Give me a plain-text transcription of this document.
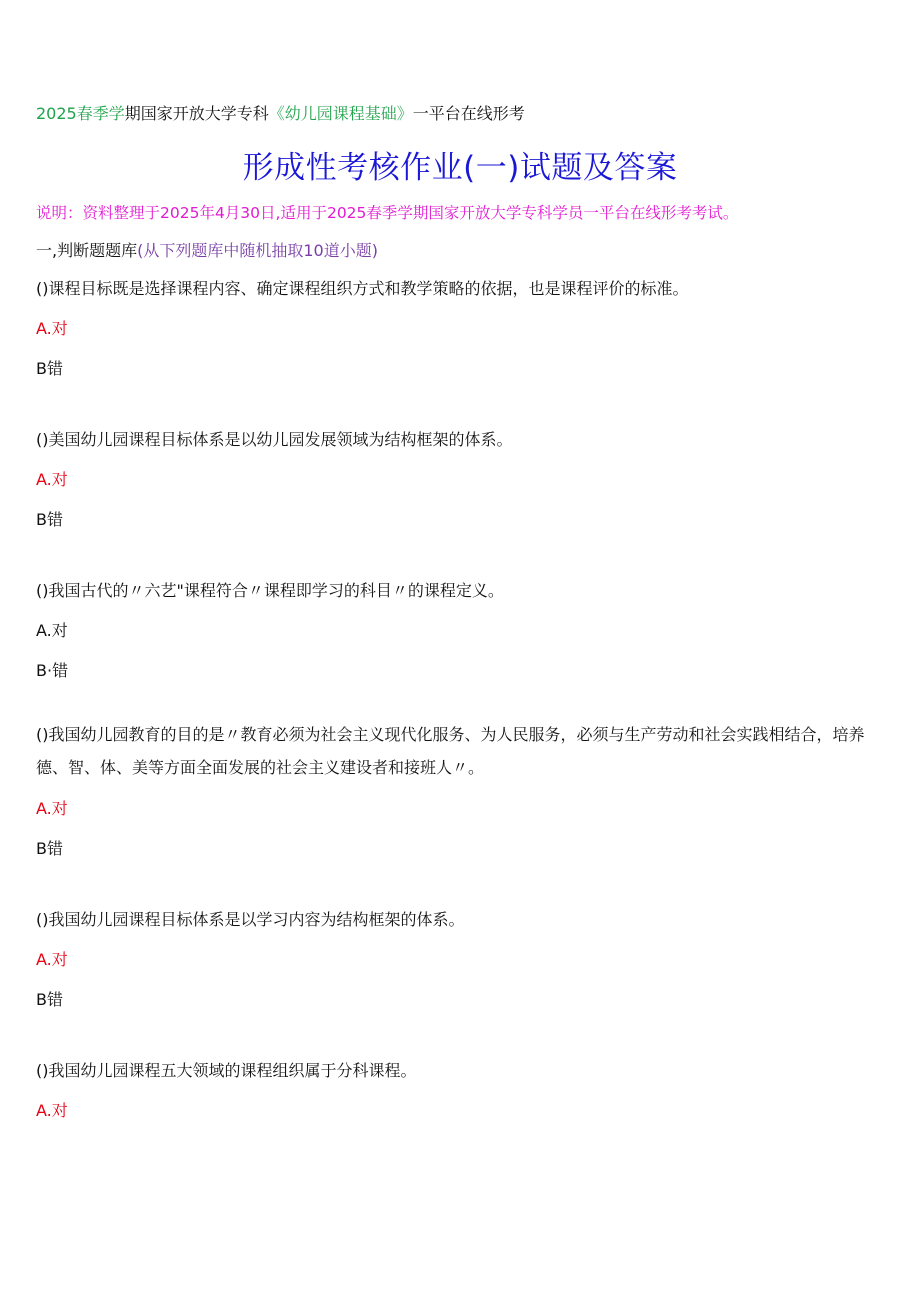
2025春季学期国家开放大学专科《幼儿园课程基础》一平台在线形考
形成性考核作业(一)试题及答案
说明：资料整理于2025年4月30日,适用于2025春季学期国家开放大学专科学员一平台在线形考考试。
一,判断题题库(从下列题库中随机抽取10道小题)
()课程目标既是选择课程内容、确定课程组织方式和教学策略的依据，也是课程评价的标准。
A.对
B错
()美国幼儿园课程目标体系是以幼儿园发展领域为结构框架的体系。
A.对
B错
()我国古代的〃六艺"课程符合〃课程即学习的科目〃的课程定义。
A.对
B·错
()我国幼儿园教育的目的是〃教育必须为社会主义现代化服务、为人民服务，必须与生产劳动和社会实践相结合，培养德、智、体、美等方面全面发展的社会主义建设者和接班人〃。
A.对
B错
()我国幼儿园课程目标体系是以学习内容为结构框架的体系。
A.对
B错
()我国幼儿园课程五大领域的课程组织属于分科课程。
A.对
